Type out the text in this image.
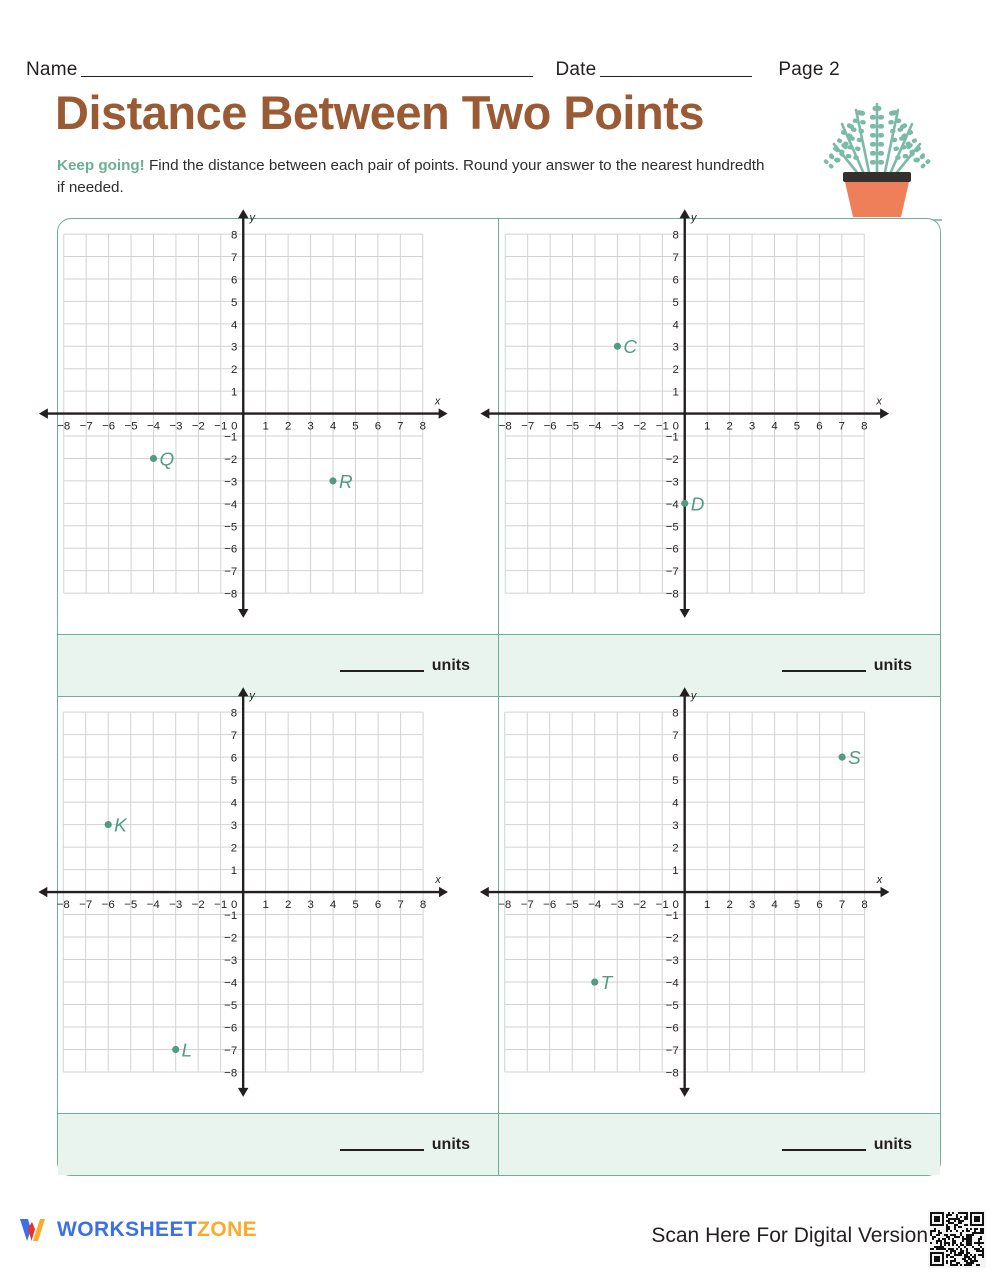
Name	Date	Page 2
Distance Between Two Points
Keep going! Find the distance between each pair of points. Round your answer to the nearest hundredth if needed.
x
y
−8 −7 −6 −5 −4 −3 −2 −1 0 1 2 3 4 5 6 7 8
−8
−7
−6
−5
−4
−3
−2
−1
1
2
3
4
5
6
7
8
Q
R
units
x
y
−8 −7 −6 −5 −4 −3 −2 −1 0 1 2 3 4 5 6 7 8
−8
−7
−6
−5
−4
−3
−2
−1
1
2
3
4
5
6
7
8
C
D
units
x
y
−8 −7 −6 −5 −4 −3 −2 −1 0 1 2 3 4 5 6 7 8
−8
−7
−6
−5
−4
−3
−2
−1
1
2
3
4
5
6
7
8
K
L
units
x
y
−8 −7 −6 −5 −4 −3 −2 −1 0 1 2 3 4 5 6 7 8
−8
−7
−6
−5
−4
−3
−2
−1
1
2
3
4
5
6
7
8
S
T
units
WORKSHEETZONE	Scan Here For Digital Version
